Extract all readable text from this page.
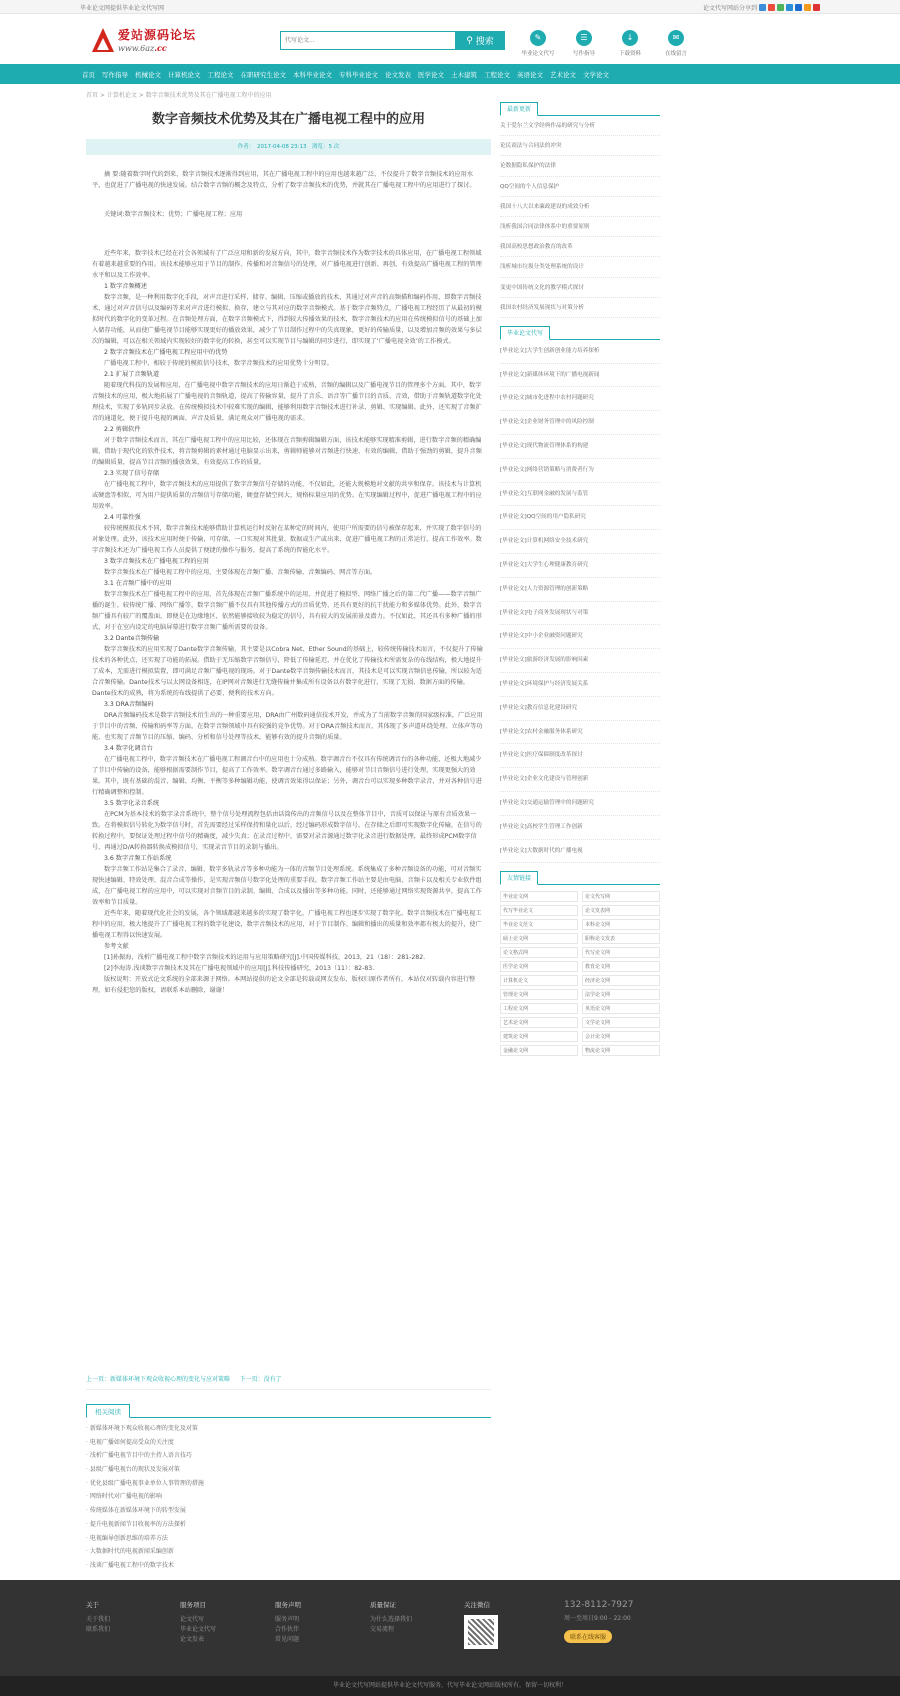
毕业论文网提供毕业论文代写网	论文代写网站分享到
爱站源码论坛
www.6az.cc
代写论文...
⚲ 搜索	✎
毕业论文代写
☰
写作指导
↓
下载资料
✉
在线留言
首页 写作指导 机械论文 计算机论文 工程论文 在职研究生论文 本科毕业论文 专科毕业论文 论文发表 医学论文 土木建筑 工程论文 英语论文 艺术论文 文学论文
首页 > 计算机论文 > 数字音频技术优势及其在广播电视工程中的应用
数字音频技术优势及其在广播电视工程中的应用
作者：　2017-04-08 23:13　浏览：5 次

摘 要:随着数字时代的到来，数字音频技术逐渐得到应用，其在广播电视工程中的应用也越来越广泛，不仅提升了数字音频技术的应用水平，也促进了广播电视的快速发展。结合数字音频的概念及特点，分析了数字音频技术的优势，并就其在广播电视工程中的应用进行了探讨。

关键词:数字音频技术；优势；广播电视工程；应用

近些年来，数字技术已经在社会各领域有了广泛应用和新的发展方向，其中，数字音频技术作为数字技术的具体应用，在广播电视工程领域有着越来越重要的作用。该技术能够应用于节目的制作、传播和对音频信号的处理，对广播电视进行创新、再创，有效提高广播电视工程的管理水平和以及工作效率。

1 数字音频概述

数字音频，是一种利用数字化手段，对声音进行采样、储存、编辑、压缩或播放的技术，其通过对声音的高频描和编码作用，即数字音频技术，通过对声音信号以及编码等来对声音进行模拟、换存，建立与其对应的数字音频模式。基于数字音频特点，广播电视工程经历了从最初的模拟时代的数字化的变革过程。在音频处理方面，在数字音频模式下，得到较大传播效果的技术，数字音频技术的应用在传统模拟信号的基础上加入储存功能，从而使广播电视节目能够实现更好的播放效果，减少了节目制作过程中的失真现象，更好的传输质量，以及增加音频的效果与多层次的编辑，可以在相关领域内实现较好的数字化的转换，甚至可以实现节目与编辑的同步进行，即实现了‘广播电视全效’的工作模式。

2 数字音频技术在广播电视工程应用中的优势

广播电视工程中，相较于传统的模拟信号技术，数字音频技术的应用优势十分明显。

2.1 扩展了音频轨道

随着现代科技的发展和应用，在广播电视中数字音频技术的应用日渐趋于成熟，音频的编辑以及广播电视节目的管理多个方面。其中，数字音频技术的应用，极大地拓展了广播电视的音频轨道，提高了传输容量，提升了音乐、语音等广播节目的音质、音效，借助于音频轨道数字化处理技术，实现了多轨同步录放。在传统模拟技术中较难实现的编辑，能够利用数字音频技术进行补录、剪辑、实现编辑。此外，还实现了音频扩音的通道化，便于提升电视的画面、声音及质量，满足观众对广播电视的需求。

2.2 剪辑软件

对于数字音频技术而言，其在广播电视工程中的应用比较，还体现在音频剪辑编辑方面，该技术能够实现精准剪辑，进行数字音频的精确编辑，借助于现代化的软件技术，将音频剪辑的素材通过电脑显示出来，剪辑师能够对音频进行快速、有效的编辑，借助于强劲的剪辑，提升音频的编辑质量，提高节目音频的播放效果，有效提高工作的质量。

2.3 实现了信号存储

在广播电视工程中，数字音频技术的应用提供了数字音频信号存储的功能，不仅如此，还能大规模地对文献的共享和保存。该技术与计算机或硬盘等相似，可为用户提供质量的音频信号存储功能，硬盘存储空间大，规格标量应用的优势。在实现编辑过程中，促进广播电视工程中的应用效率。

2.4 可靠性强

较传统模拟技术不同，数字音频技术能够借助计算机运行时反射在某种定的时间内，使用户所需要的信号被保存起来，并实现了数字信号的对象处理。此外，该技术应用时便于传输，可存储，一口实现对其批量、数据或生产或出来，促进广播电视工程的正常运行，提高工作效率。数字音频技术还为广播电视工作人员提供了便捷的操作与服务，提高了系统的智能化水平。

3 数字音频技术在广播电视工程的应用

数字音频技术在广播电视工程中的应用，主要体现在音频广播、音频传输、音频编码、网音等方面。

3.1 在音频广播中的应用

数字音频技术在广播电视工程中的应用，首先体现在音频广播系统中的运用，并促进了模拟型、网络广播之后的第二代广播——数字音频广播的诞生。较传统广播、网络广播等，数字音频广播不仅具有其他传播方式的音质优势，还具有更好的抗干扰能力和多媒体优势。此外，数字音频广播具有较广的覆盖面，即便是在边缘地区，依然能够接收较为稳定的信号，具有较大的发展前景及潜力。不仅如此，其还具有多种广播的形式，对于在室内设定的电脑屏幕进行数字音频广播所需要的设备。

3.2 Dante音频传输

数字音频技术的应用实现了Dante数字音频传输，其主要是以Cobra Net、Ether Sound的基础上，较传统传输技术而言，不仅提升了传输技术的各种优点，还实现了功能的拓展。借助于无压缩数字音频信号，降低了传输延迟，并在优化了传输技术所需复杂的布线结构，极大地提升了成本，无需进行模拟装置，即可满足音频广播电视的现场。对于Dante数字音频传输技术而言，其技术是可以实现音频信息传输，所以较为适合音频传输。Dante技术与以太网设备相连，在IP网对音频进行无缝传输并集成所有设备以有数字化进行，实现了无损、数据方面的传输。Dante技术的成熟，将为系统的布线提供了必要、便利的技术方向。

3.3 DRA音频编码

DRA音频编码技术是数字音频技术衍生出的一种重要应用，DRA由广州数码通信技术开发，并成为了当前数字音频的国家级标准，广泛应用于节目中的音频、传输和码率等方面，在数字音频领域中具有较强的竞争优势。对于DRA音频技术而言，其体现了多声道环绕处理、立体声等功能，也实现了音频节目的压缩、编码、分析和信号处理等技术，能够有效的提升音频的质量。

3.4 数字化调音台

在广播电视工程中，数字音频技术在广播电视工程调音台中的应用也十分成熟。数字调音台不仅具有传统调音台的各种功能，还极大地减少了节目中传输的设备，能够根据需要制作节目，提高了工作效率。数字调音台通过多路输入，能够对节目音频信号进行处理，实现更强大的效果。其中，既有基础的混音、编辑、均衡、平衡等多种编辑功能，使调音效果得以保证；另外，调音台可以实现多种数字录音，并对各种信号进行精确调整和控制。

3.5 数字化录音系统

在PCM为基本技术的数字录音系统中，整个信号处理流程包括由话筒传出的音频信号以及在整体节目中，音质可以保证与原有音质效果一致。在将模拟信号转化为数字信号时，首先需要经过采样保持和量化以后，经过编码形成数字信号。在存储之后即可实现数字化传输，在信号的转换过程中，要保证处理过程中信号的精确度，减少失真；在录音过程中，需要对录音源通过数字化录音进行数据处理，最终形成PCM数字信号，再通过D/A转换器转换成模拟信号，实现录音节目的录制与播出。

3.6 数字音频工作站系统

数字音频工作站是集合了录音、编辑、数字多轨录音等多种功能为一体的音频节目处理系统。系统集成了多种音频设备的功能，可对音频实现快速编辑、特效处理、混音合成等操作，是实现音频信号数字化处理的重要手段。数字音频工作站主要是由电脑、音频卡以及相关专业软件组成，在广播电视工程的应用中，可以实现对音频节目的录制、编辑、合成以及播出等多种功能。同时，还能够通过网络实现资源共享，提高工作效率和节目质量。

近些年来，随着现代化社会的发展，各个领域都越来越多的实现了数字化，广播电视工程也逐步实现了数字化。数字音频技术在广播电视工程中的应用，极大地提升了广播电视工程的数字化建设，数字音频技术的应用，对于节目制作、编辑和播出的质量和效率都有极大的提升，使广播电视工程得以快速发展。

参考文献

[1]孙振海，浅析广播电视工程中数字音频技术的运用与应用策略研究[J].中国传媒科技，2013，21（18）：281-282.

[2]李海涛.浅谈数字音频技术及其在广播电视领域中的应用[J].科技传播研究，2013（11）：82-83.

版权说明：开放式论文系统的全部来源于网络。本网站提供的论文全部是转载或网友发布，版权归原作者所有，本站仅对转载内容进行整理，如有侵犯您的版权，请联系本站删除，谢谢！

上一页：新媒体环境下观众收视心理的变化与应对策略 下一页：没有了
相关阅读
· 新媒体环境下观众收视心理的变化及对策
· 电视广播如何提高受众的关注度
· 浅析广播电视节目中的主持人语言技巧
· 县级广播电视台的现状及发展对策
· 优化县级广播电视事业单位人事管理的措施
· 网络时代对广播电视的影响
· 传统媒体在新媒体环境下的转型发展
· 提升电视新闻节目收视率的方法探析
· 电视编导创新思维的培养方法
· 大数据时代的电视新闻采编创新
· 浅谈广播电视工程中的数字技术
最新更新
关于爱尔兰文学经典作品的研究与分析
论民商法与合同法的冲突
论数据隐私保护的法律
QQ空间的个人信息保护
我国十八大以来廉政建设的成效分析
浅析我国合同法律体系中的重要原则
我国高校思想政治教育的改革
浅析城市垃圾分类处理系统的设计
变更中国传统文化的教学模式探讨
我国农村经济发展现状与对策分析
毕业论文代写
[毕业论文]大学生创新创业能力培养探析
[毕业论文]新媒体环境下的广播电视新闻
[毕业论文]城市化进程中农村问题研究
[毕业论文]企业财务管理中的风险控制
[毕业论文]现代物流管理体系的构建
[毕业论文]网络营销策略与消费者行为
[毕业论文]互联网金融的发展与监管
[毕业论文]QQ空间的用户隐私研究
[毕业论文]计算机网络安全技术研究
[毕业论文]大学生心理健康教育研究
[毕业论文]人力资源管理的创新策略
[毕业论文]电子商务发展现状与对策
[毕业论文]中小企业融资问题研究
[毕业论文]旅游经济发展的影响因素
[毕业论文]环境保护与经济发展关系
[毕业论文]教育信息化建设研究
[毕业论文]农村金融服务体系研究
[毕业论文]医疗保障制度改革探讨
[毕业论文]企业文化建设与管理创新
[毕业论文]交通运输管理中的问题研究
[毕业论文]高校学生管理工作创新
[毕业论文]大数据时代的广播电视
友情链接
毕业论文网	论文代写网
代写毕业论文	论文发表网
毕业论文范文	本科论文网
硕士论文网	职称论文发表
论文格式网	代写论文网
医学论文网	教育论文网
计算机论文	经济论文网
管理论文网	法学论文网
工程论文网	英语论文网
艺术论文网	文学论文网
建筑论文网	会计论文网
金融论文网	物流论文网
关于
关于我们
联系我们
服务项目
论文代写
毕业论文代写
论文发表
服务声明
服务声明
合作伙伴
常见问题
质量保证
为什么选择我们
交易流程
关注微信	132-8112-7927
周一至周日9:00 - 22:00
联系在线客服
毕业论文代写网站提供毕业论文代写服务，代写毕业论文网站版权所有，保留一切权利！
